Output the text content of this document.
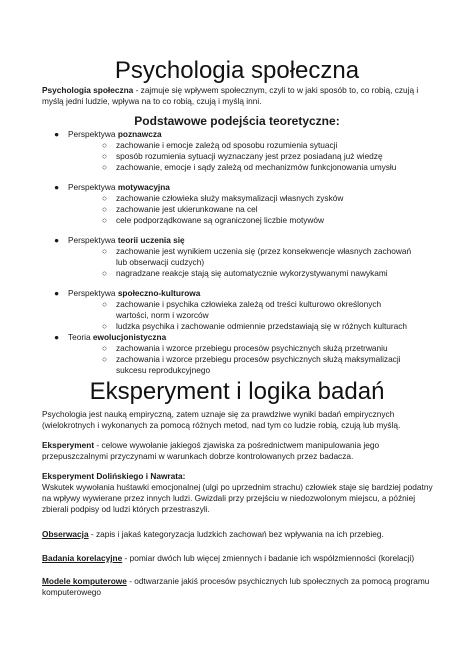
Psychologia społeczna
Psychologia społeczna - zajmuje się wpływem społecznym, czyli to w jaki sposób to, co robią, czują i myślą jedni ludzie, wpływa na to co robią, czują i myślą inni.
Podstawowe podejścia teoretyczne:
● Perspektywa poznawcza
○ zachowanie i emocje zależą od sposobu rozumienia sytuacji
○ sposób rozumienia sytuacji wyznaczany jest przez posiadaną już wiedzę
○ zachowanie, emocje i sądy zależą od mechanizmów funkcjonowania umysłu
● Perspektywa motywacyjna
○ zachowanie człowieka służy maksymalizacji własnych zysków
○ zachowanie jest ukierunkowane na cel
○ cele podporządkowane są ograniczonej liczbie motywów
● Perspektywa teorii uczenia się
○ zachowanie jest wynikiem uczenia się (przez konsekwencje własnych zachowań lub obserwacji cudzych)
○ nagradzane reakcje stają się automatycznie wykorzystywanymi nawykami
● Perspektywa społeczno-kulturowa
○ zachowanie i psychika człowieka zależą od treści kulturowo określonych wartości, norm i wzorców
○ ludzka psychika i zachowanie odmiennie przedstawiają się w różnych kulturach
● Teoria ewolucjonistyczna
○ zachowania i wzorce przebiegu procesów psychicznych służą przetrwaniu
○ zachowania i wzorce przebiegu procesów psychicznych służą maksymalizacji sukcesu reprodukcyjnego
Eksperyment i logika badań
Psychologia jest nauką empiryczną, zatem uznaje się za prawdziwe wyniki badań empirycznych (wielokrotnych i wykonanych za pomocą różnych metod, nad tym co ludzie robią, czują lub myślą.
Eksperyment - celowe wywołanie jakiegoś zjawiska za pośrednictwem manipulowania jego przepuszczalnymi przyczynami w warunkach dobrze kontrolowanych przez badacza.
Eksperyment Dolińskiego i Nawrata:
Wskutek wywołania huśtawki emocjonalnej (ulgi po uprzednim strachu) człowiek staje się bardziej podatny na wpływy wywierane przez innych ludzi. Gwizdali przy przejściu w niedozwolonym miejscu, a później zbierali podpisy od ludzi których przestraszyli.
Obserwacja - zapis i jakaś kategoryzacja ludzkich zachowań bez wpływania na ich przebieg.
Badania korelacyjne - pomiar dwóch lub więcej zmiennych i badanie ich współzmienności (korelacji)
Modele komputerowe - odtwarzanie jakiś procesów psychicznych lub społecznych za pomocą programu komputerowego
